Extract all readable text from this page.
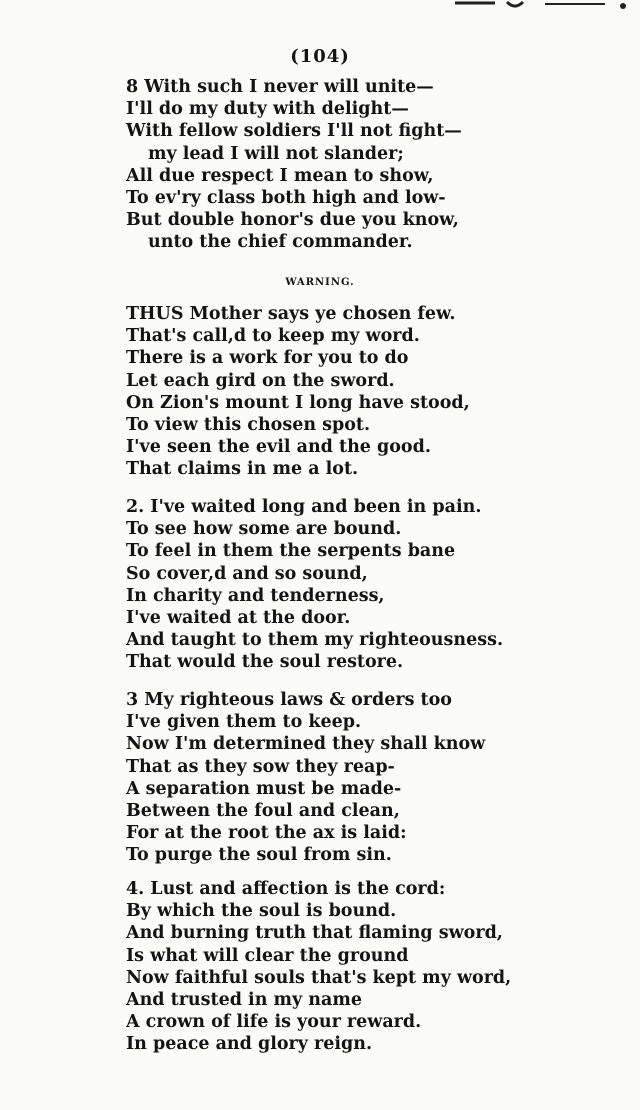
(104)
8 With such I never will unite—
I'll do my duty with delight—
With fellow soldiers I'll not fight—
my lead I will not slander;
All due respect I mean to show,
To ev'ry class both high and low-
But double honor's due you know,
unto the chief commander.
WARNING.
THUS Mother says ye chosen few.
That's call,d to keep my word.
There is a work for you to do
Let each gird on the sword.
On Zion's mount I long have stood,
To view this chosen spot.
I've seen the evil and the good.
That claims in me a lot.
2. I've waited long and been in pain.
To see how some are bound.
To feel in them the serpents bane
So cover,d and so sound,
In charity and tenderness,
I've waited at the door.
And taught to them my righteousness.
That would the soul restore.
3 My righteous laws & orders too
I've given them to keep.
Now I'm determined they shall know
That as they sow they reap-
A separation must be made-
Between the foul and clean,
For at the root the ax is laid:
To purge the soul from sin.
4. Lust and affection is the cord:
By which the soul is bound.
And burning truth that flaming sword,
Is what will clear the ground
Now faithful souls that's kept my word,
And trusted in my name
A crown of life is your reward.
In peace and glory reign.
